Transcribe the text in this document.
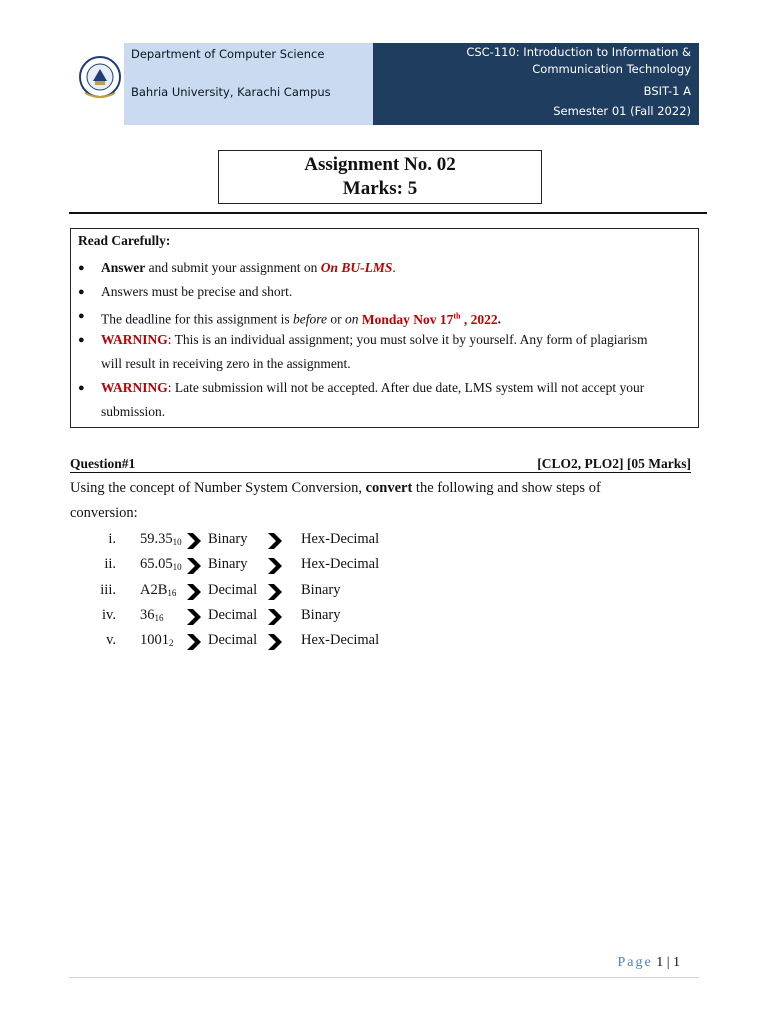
Department of Computer Science
Bahria University, Karachi Campus
CSC-110: Introduction to Information &
Communication Technology
BSIT-1 A
Semester 01 (Fall 2022)
Assignment No. 02
Marks: 5
Read Carefully:
● Answer and submit your assignment on On BU-LMS.
● Answers must be precise and short.
● The deadline for this assignment is before or on Monday Nov 17th , 2022.
● WARNING: This is an individual assignment; you must solve it by yourself. Any form of plagiarism
will result in receiving zero in the assignment.
● WARNING: Late submission will not be accepted. After due date, LMS system will not accept your
submission.
Question#1	[CLO2, PLO2] [05 Marks]
Using the concept of Number System Conversion, convert the following and show steps of
conversion:
i. $59.35_{10}$ Binary	Hex-Decimal
ii. $65.05_{10}$ Binary	Hex-Decimal
iii. $A2B_{16}$ Decimal	Binary
iv. $36_{16}$	Decimal	Binary
v. $1001_2$ Decimal	Hex-Decimal
Page 1 | 1
